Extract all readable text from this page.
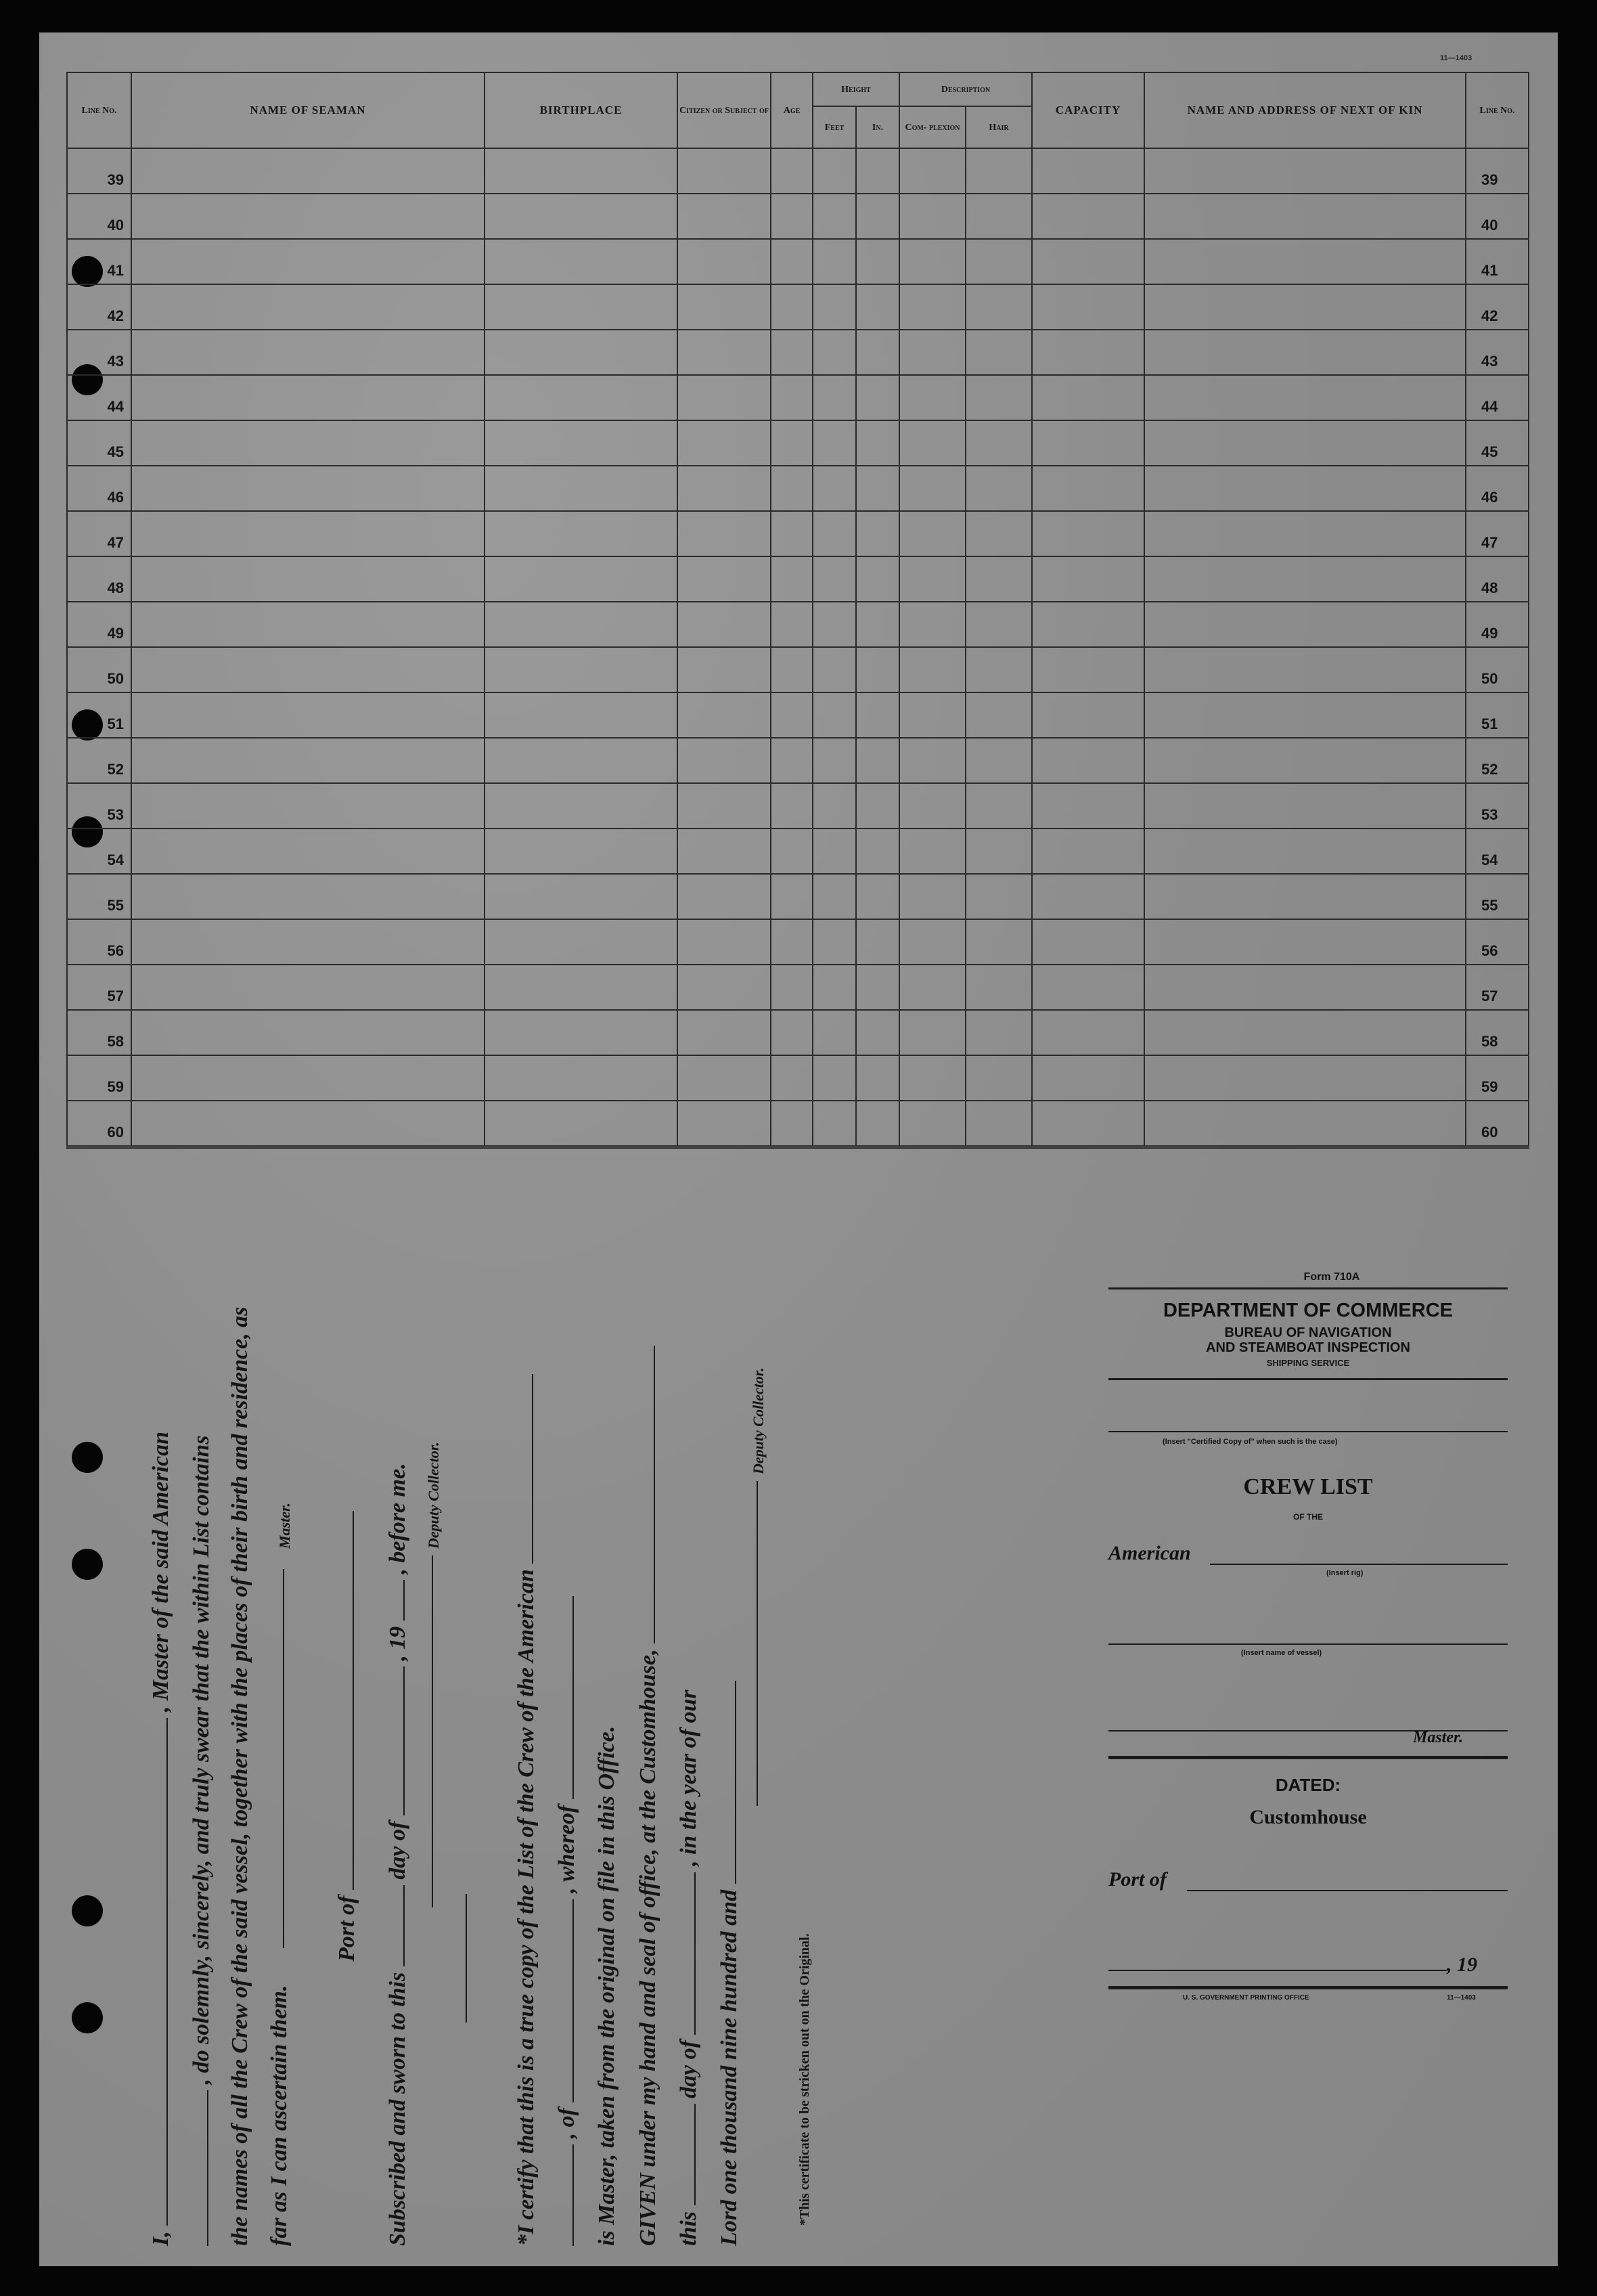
11—1403
Line No.	NAME OF SEAMAN	BIRTHPLACE	Citizen or Subject of	Age	Height		Description		CAPACITY	NAME AND ADDRESS OF NEXT OF KIN	Line No.
					Feet	In.	Com- plexion	Hair			
39											39
40											40
41											41
42											42
43											43
44											44
45											45
46											46
47											47
48											48
49											49
50											50
51											51
52											52
53											53
54											54
55											55
56											56
57											57
58											58
59											59
60											60
I,  , Master of the said American , do solemnly, sincerely, and truly swear that the within List contains the names of all the Crew of the said vessel, together with the places of their birth and residence, as far as I can ascertain them.
Master.
Port of
Subscribed and sworn to this  day of  , 19  , before me. Deputy Collector.
*I certify that this is a true copy of the List of the Crew of the American , of  , whereof is Master, taken from the original on file in this Office. GIVEN under my hand and seal of office, at the Customhouse, this  day of  , in the year of our
Lord one thousand nine hundred and
Deputy Collector.
*This certificate to be stricken out on the Original.
Form 710A
DEPARTMENT OF COMMERCE
BUREAU OF NAVIGATION
AND STEAMBOAT INSPECTION
SHIPPING SERVICE
(Insert "Certified Copy of" when such is the case)
CREW LIST
OF THE
American
(Insert rig)
(Insert name of vessel)
Master.
DATED:
Customhouse
Port of
, 19
U. S. GOVERNMENT PRINTING OFFICE	11—1403
